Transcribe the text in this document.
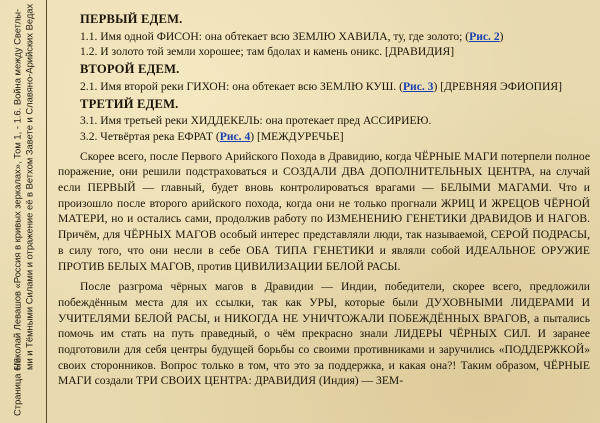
Страница 6/6
Николай Левашов «Россия в кривых зеркалах», Том 1, - 1.6. Война между Светлы- ми и Тёмными Силами и отражение её в Ветхом Завете и Славяно-Арийских Ведах	ПЕРВЫЙ ЕДЕМ.

1.1. Имя одной ФИСОН: она обтекает всю ЗЕМЛЮ ХАВИЛА, ту, где золото; (Рис. 2)

1.2. И золото той земли хорошее; там бдолах и камень оникс. [ДРАВИДИЯ]

ВТОРОЙ ЕДЕМ.

2.1. Имя второй реки ГИХОН: она обтекает всю ЗЕМЛЮ КУШ. (Рис. 3) [ДРЕВНЯЯ ЭФИОПИЯ]

ТРЕТИЙ ЕДЕМ.

3.1. Имя третьей реки ХИДДЕКЕЛЬ: она протекает пред АССИРИЕЮ.

3.2. Четвёртая река ЕФРАТ (Рис. 4) [МЕЖДУРЕЧЬЕ]

Скорее всего, после Первого Арийского Похода в Дравидию, когда ЧЁРНЫЕ МАГИ потерпели полное поражение, они решили подстраховаться и СОЗДАЛИ ДВА ДОПОЛНИТЕЛЬНЫХ ЦЕНТРА, на случай если ПЕРВЫЙ — главный, будет вновь контролироваться врагами — БЕЛЫМИ МАГАМИ. Что и произошло после второго арийского похода, когда они не только прогнали ЖРИЦ И ЖРЕЦОВ ЧЁРНОЙ МАТЕРИ, но и остались сами, продолжив работу по ИЗМЕНЕНИЮ ГЕНЕТИКИ ДРАВИДОВ И НАГОВ. Причём, для ЧЁРНЫХ МАГОВ особый интерес представляли люди, так называемой, СЕРОЙ ПОДРАСЫ, в силу того, что они несли в себе ОБА ТИПА ГЕНЕТИКИ и являли собой ИДЕАЛЬНОЕ ОРУЖИЕ ПРОТИВ БЕЛЫХ МАГОВ, против ЦИВИЛИЗАЦИИ БЕЛОЙ РАСЫ.

После разгрома чёрных магов в Дравидии — Индии, победители, скорее всего, предложили побеждённым места для их ссылки, так как УРЫ, которые были ДУХОВНЫМИ ЛИДЕРАМИ И УЧИТЕЛЯМИ БЕЛОЙ РАСЫ, и НИКОГДА НЕ УНИЧТОЖАЛИ ПОБЕЖДЁННЫХ ВРАГОВ, а пытались помочь им стать на путь праведный, о чём прекрасно знали ЛИДЕРЫ ЧЁРНЫХ СИЛ. И заранее подготовили для себя центры будущей борьбы со своими противниками и заручились «ПОДДЕРЖКОЙ» своих сторонников. Вопрос только в том, что это за поддержка, и какая она?! Таким образом, ЧЁРНЫЕ МАГИ создали ТРИ СВОИХ ЦЕНТРА: ДРАВИДИЯ (Индия) — ЗЕМ-
